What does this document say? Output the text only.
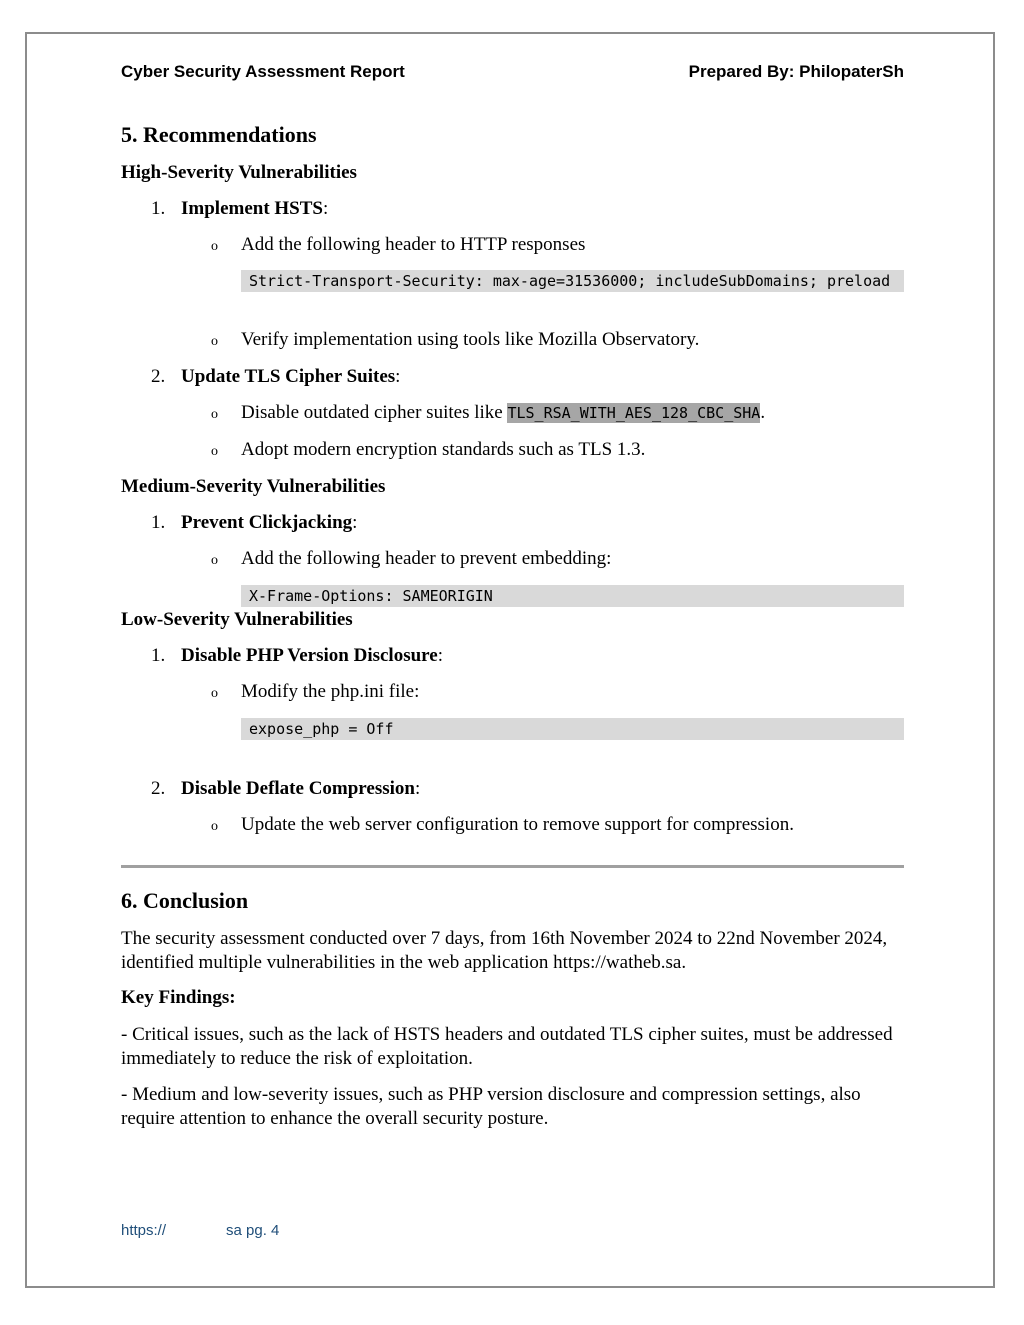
Cyber Security Assessment Report	Prepared By: PhilopaterSh
5. Recommendations
High-Severity Vulnerabilities
1. Implement HSTS:
o Add the following header to HTTP responses
Strict-Transport-Security: max-age=31536000; includeSubDomains; preload
o Verify implementation using tools like Mozilla Observatory.
2. Update TLS Cipher Suites:
o Disable outdated cipher suites like TLS_RSA_WITH_AES_128_CBC_SHA.
o Adopt modern encryption standards such as TLS 1.3.
Medium-Severity Vulnerabilities
1. Prevent Clickjacking:
o Add the following header to prevent embedding:
X-Frame-Options: SAMEORIGIN
Low-Severity Vulnerabilities
1. Disable PHP Version Disclosure:
o Modify the php.ini file:
expose_php = Off
2. Disable Deflate Compression:
o Update the web server configuration to remove support for compression.
6. Conclusion
The security assessment conducted over 7 days, from 16th November 2024 to 22nd November 2024, identified multiple vulnerabilities in the web application https://watheb.sa.
Key Findings:
- Critical issues, such as the lack of HSTS headers and outdated TLS cipher suites, must be addressed immediately to reduce the risk of exploitation.
- Medium and low-severity issues, such as PHP version disclosure and compression settings, also require attention to enhance the overall security posture.
https://	sa pg. 4
